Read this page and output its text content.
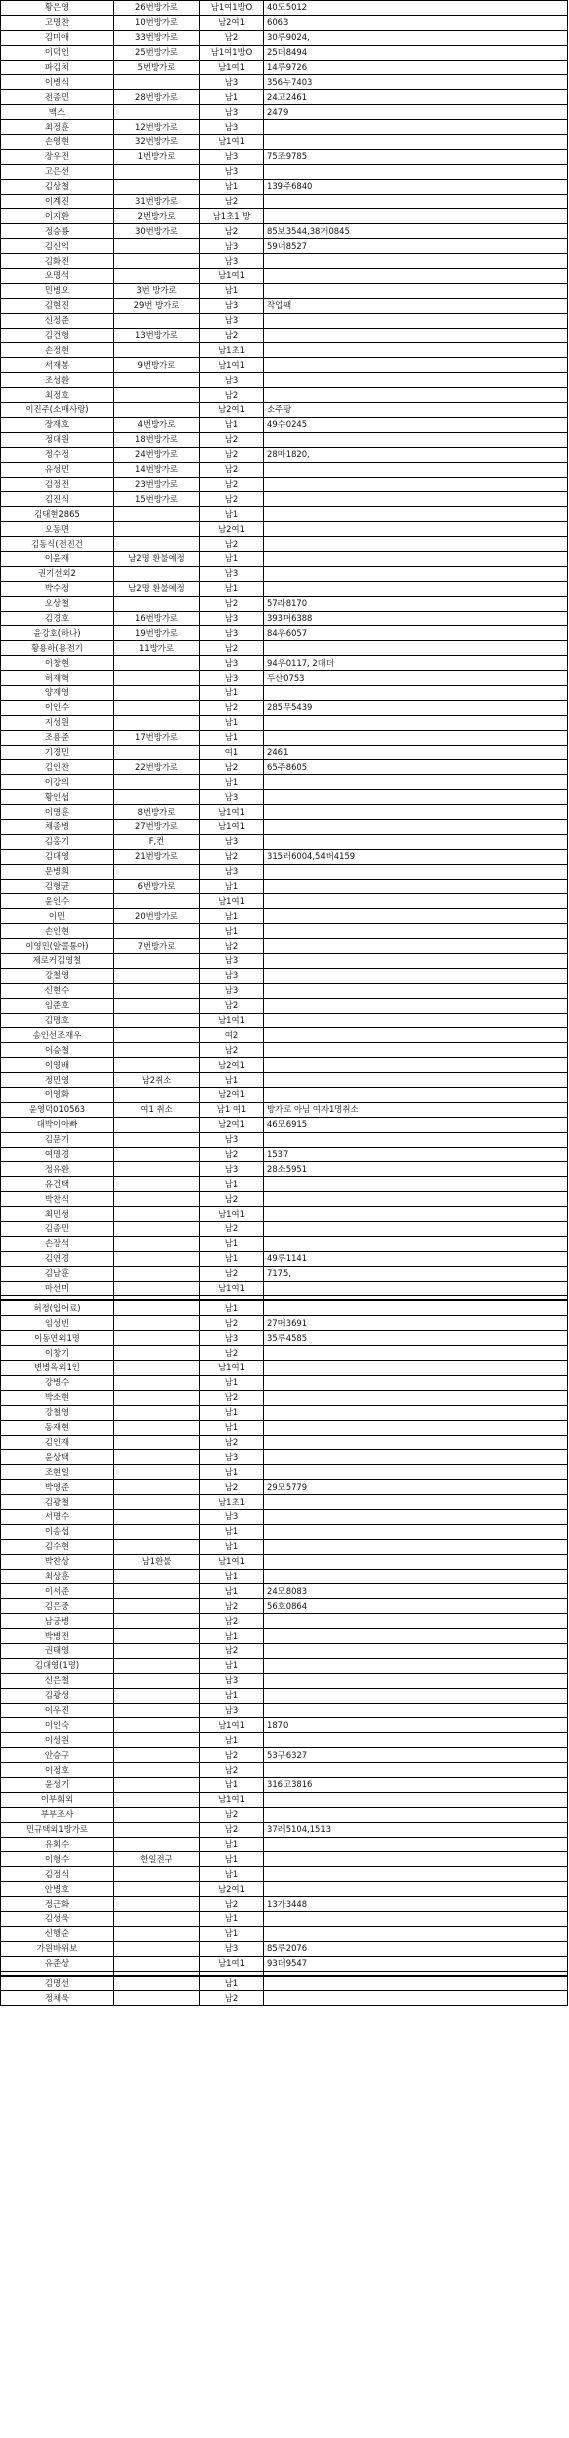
황은영	26번방가로	남1여1방O	40도5012
고명찬	10번방가로	남2여1	6063
김미애	33번방가로	남2	30루9024,
이덕인	25번방가로	남1여1방O	25더8494
파김치	5번방가로	남1여1	14루9726
이병식		남3	356누7403
전종민	28번방가로	남1	24고2461
맥스		남3	2479
최정훈	12번방가로	남3	
손영현	32번방가로	남1여1	
장우진	1번방가로	남3	75조9785
고은선		남3	
김상철		남1	139주6840
이계진	31번방가로	남2	
이지환	2번방가로	남1초1 방	
정승룡	30번방가로	남2	85보3544,38거0845
김신익		남3	59너8527
김화진		남3	
오명석		남1여1	
민병오	3번 방가로	남1	
김현진	29번 방가로	남3	작업팩
신정준		남3	
김건형	13번방가로	남2	
손정현		남1초1	
서재봉	9번방가로	남1여1	
조성환		남3	
최정호		남2	
이진주(소매사랑)		남2여1	소주팡
장재호	4번방가로	남1	49수0245
정대원	18번방가로	남2	
정수정	24번방가로	남2	28마1820,
유성민	14번방가로	남2	
김정진	23번방가로	남2	
김진식	15번방가로	남2	
김태현2865		남1	
오동면		남2여1	
김동식(전진건		남2	
이윤재	남2명 환불예정	남1	
권기선외2		남3	
박수정	남2명 환불예정	남1	
오상철		남2	57라8170
김경호	16번방가로	남3	393머6388
윤강호(하나)	19번방가로	남3	84우6057
황용하(용전기	11방가로	남2	
이창현		남3	94우0117, 2대더
허재혁		남3	두산0753
양재영		남1	
이인수		남2	285무5439
지성원		남1	
조용준	17번방가로	남1	
기경민		여1	2461
김인찬	22번방가로	남2	65주8605
이강의		남1	
황인섭		남3	
이명훈	8번방가로	남1여1	
채종병	27번방가로	남1여1	
김홍기	F,컨	남3	
김대영	21번방가로	남2	315러6004,54버4159
문병희		남3	
김형균	6번방가로	남1	
윤인수		남1여1	
이민	20번방가로	남1	
손인현		남1	
이영민(알콜통아)	7번방가로	남2	
제로커김영철		남3	
강철영		남3	
신현수		남3	
임준호		남2	
김명호		남1여1	
송인선조재우		여2	
이승철		남2	
이영배		남2여1	
정민영	남2취소	남1	
이영화		남2여1	
윤영덕010563	여1 취소	남1 여1	방가로 아님 여자1명취소
대박이아빠		남2여1	46모6915
김문기		남3	
여명경		남2	1537
정유환		남3	28소5951
유건택		남1	
박찬식		남2	
최민성		남1여1	
김종민		남2	
손장석		남1	
김연경		남1	49루1141
김남훈		남2	7175,
마선미		남1여1	

허정(입어료)		남1	
임성빈		남2	27머3691
이동연외1명		남3	35루4585
이창기		남2	
변병옥외1인		남1여1	
강병수		남1	
박소현		남2	
강철영		남1	
동재현		남1	
김인재		남2	
윤상택		남3	
조현일		남1	
박영준		남2	29모5779
김광철		남1초1	
서명수		남3	
이송섭		남1	
김수현		남1	
박찬상	남1환불	남1여1	
최상훈		남1	
이서준		남1	24모8083
김은중		남2	56호0864
남궁병		남2	
박병진		남1	
권태영		남2	
김대영(1명)		남1	
신은철		남3	
김광성		남1	
이우진		남3	
이인숙		남1여1	1870
이성원		남1	
안승구		남2	53구6327
이정호		남2	
윤성기		남1	316고3816
이부회외		남1여1	
부부조사		남2	
민규택외1방가로		남2	37러5104,1513
유회수		남1	
이형수	한일전구	남1	
김정식		남1	
안병호		남2여1	
정근화		남2	13가3448
김성욱		남1	
신행순		남1	
가원바위보		남3	85루2076
유준상		남1여1	93더9547

김명선		남1	
정채욱		남2	
